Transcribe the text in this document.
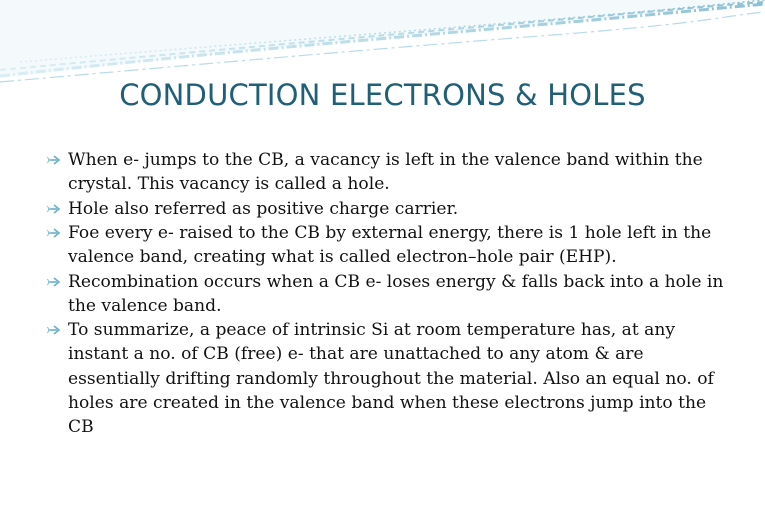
CONDUCTION ELECTRONS & HOLES
When e- jumps to the CB, a vacancy is left in the valence band within the crystal. This vacancy is called a hole.
Hole also referred as positive charge carrier.
Foe every e- raised to the CB by external energy, there is 1 hole left in the valence band, creating what is called electron–hole pair (EHP).
Recombination occurs when a CB e- loses energy & falls back into a hole in the valence band.
To summarize, a peace of intrinsic Si at room temperature has, at any instant a no. of CB (free) e- that are unattached to any atom & are essentially drifting randomly throughout the material. Also an equal no. of holes are created in the valence band when these electrons jump into the CB
